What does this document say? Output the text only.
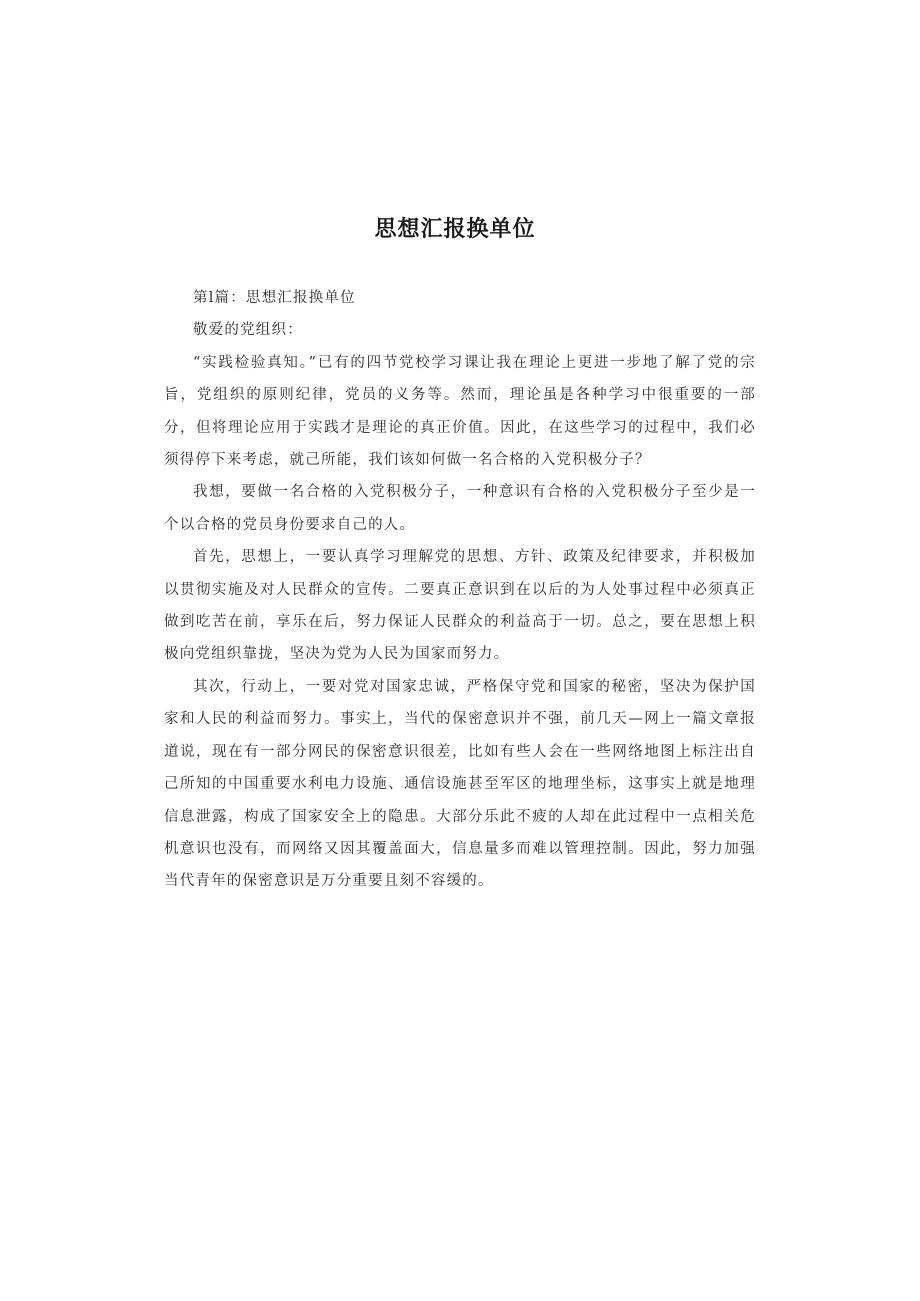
思想汇报换单位

第l篇：思想汇报换单位

敬爱的党组织：

“实践检验真知。”已有的四节党校学习课让我在理论上更进一步地了解了党的宗旨，党组织的原则纪律，党员的义务等。然而，理论虽是各种学习中很重要的一部分，但将理论应用于实践才是理论的真正价值。因此，在这些学习的过程中，我们必须得停下来考虑，就己所能，我们该如何做一名合格的入党积极分子？

我想，要做一名合格的入党积极分子，一种意识有合格的入党积极分子至少是一个以合格的党员身份要求自己的人。

首先，思想上，一要认真学习理解党的思想、方针、政策及纪律要求，并积极加以贯彻实施及对人民群众的宣传。二要真正意识到在以后的为人处事过程中必须真正做到吃苦在前，享乐在后，努力保证人民群众的利益高于一切。总之，要在思想上积极向党组织靠拢，坚决为党为人民为国家而努力。

其次，行动上，一要对党对国家忠诚，严格保守党和国家的秘密，坚决为保护国家和人民的利益而努力。事实上，当代的保密意识并不强，前几天—网上一篇文章报道说，现在有一部分网民的保密意识很差，比如有些人会在一些网络地图上标注出自己所知的中国重要水利电力设施、通信设施甚至军区的地理坐标，这事实上就是地理信息泄露，构成了国家安全上的隐患。大部分乐此不疲的人却在此过程中一点相关危机意识也没有，而网络又因其覆盖面大，信息量多而难以管理控制。因此，努力加强当代青年的保密意识是万分重要且刻不容缓的。
